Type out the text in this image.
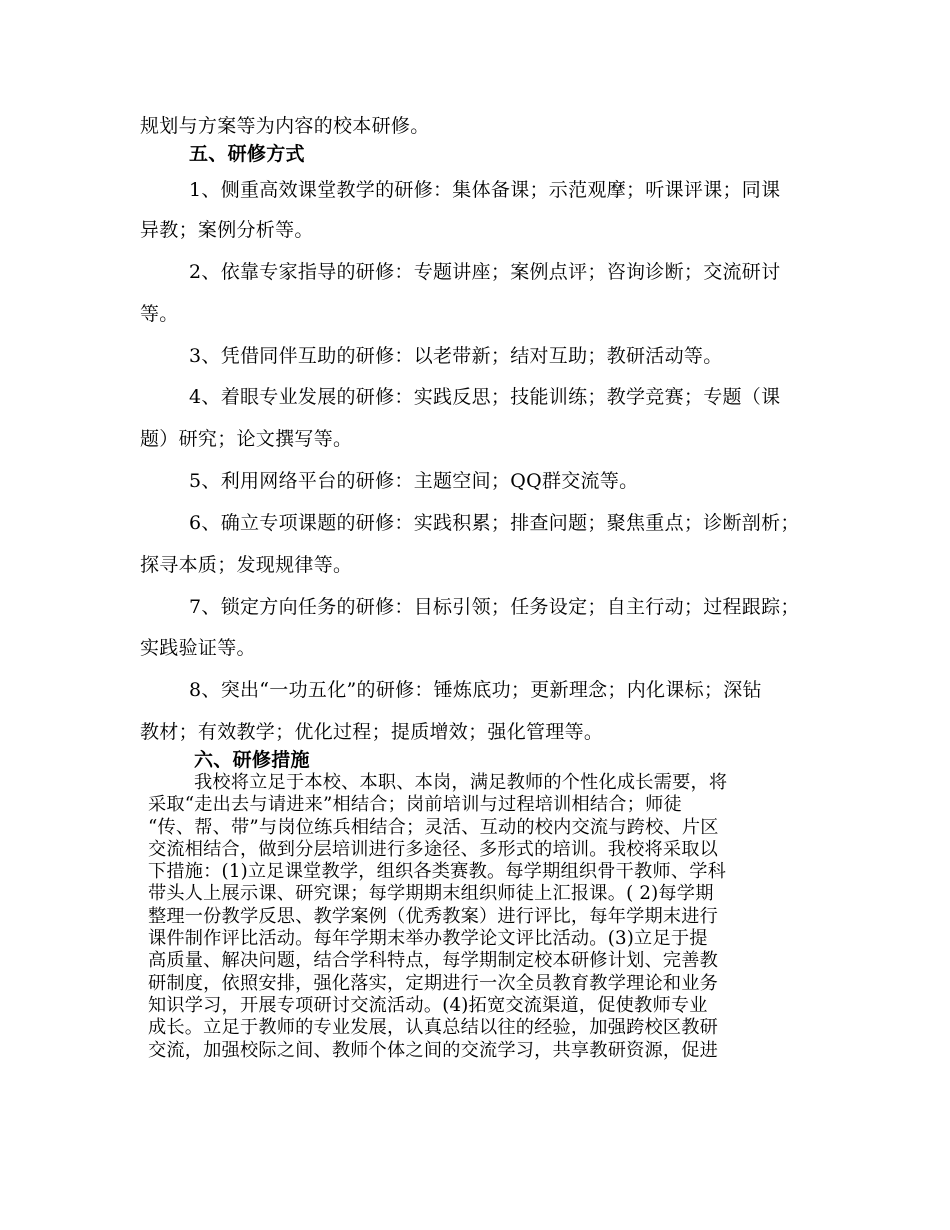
规划与方案等为内容的校本研修。
五、研修方式
1、侧重高效课堂教学的研修：集体备课；示范观摩；听课评课；同课
异教；案例分析等。
2、依靠专家指导的研修：专题讲座；案例点评；咨询诊断；交流研讨
等。
3、凭借同伴互助的研修：以老带新；结对互助；教研活动等。
4、着眼专业发展的研修：实践反思；技能训练；教学竞赛；专题（课
题）研究；论文撰写等。
5、利用网络平台的研修：主题空间；QQ群交流等。
6、确立专项课题的研修：实践积累；排查问题；聚焦重点；诊断剖析；
探寻本质；发现规律等。
7、锁定方向任务的研修：目标引领；任务设定；自主行动；过程跟踪；
实践验证等。
8、突出“一功五化”的研修：锤炼底功；更新理念；内化课标；深钻
教材；有效教学；优化过程；提质增效；强化管理等。
六、研修措施
我校将立足于本校、本职、本岗，满足教师的个性化成长需要，将
采取“走出去与请进来”相结合；岗前培训与过程培训相结合；师徒
“传、帮、带”与岗位练兵相结合；灵活、互动的校内交流与跨校、片区
交流相结合，做到分层培训进行多途径、多形式的培训。我校将采取以
下措施：(1)立足课堂教学，组织各类赛教。每学期组织骨干教师、学科
带头人上展示课、研究课；每学期期末组织师徒上汇报课。( 2)每学期
整理一份教学反思、教学案例（优秀教案）进行评比，每年学期末进行
课件制作评比活动。每年学期末举办教学论文评比活动。(3)立足于提
高质量、解决问题，结合学科特点，每学期制定校本研修计划、完善教
研制度，依照安排，强化落实，定期进行一次全员教育教学理论和业务
知识学习，开展专项研讨交流活动。(4)拓宽交流渠道，促使教师专业
成长。立足于教师的专业发展，认真总结以往的经验，加强跨校区教研
交流，加强校际之间、教师个体之间的交流学习，共享教研资源，促进
